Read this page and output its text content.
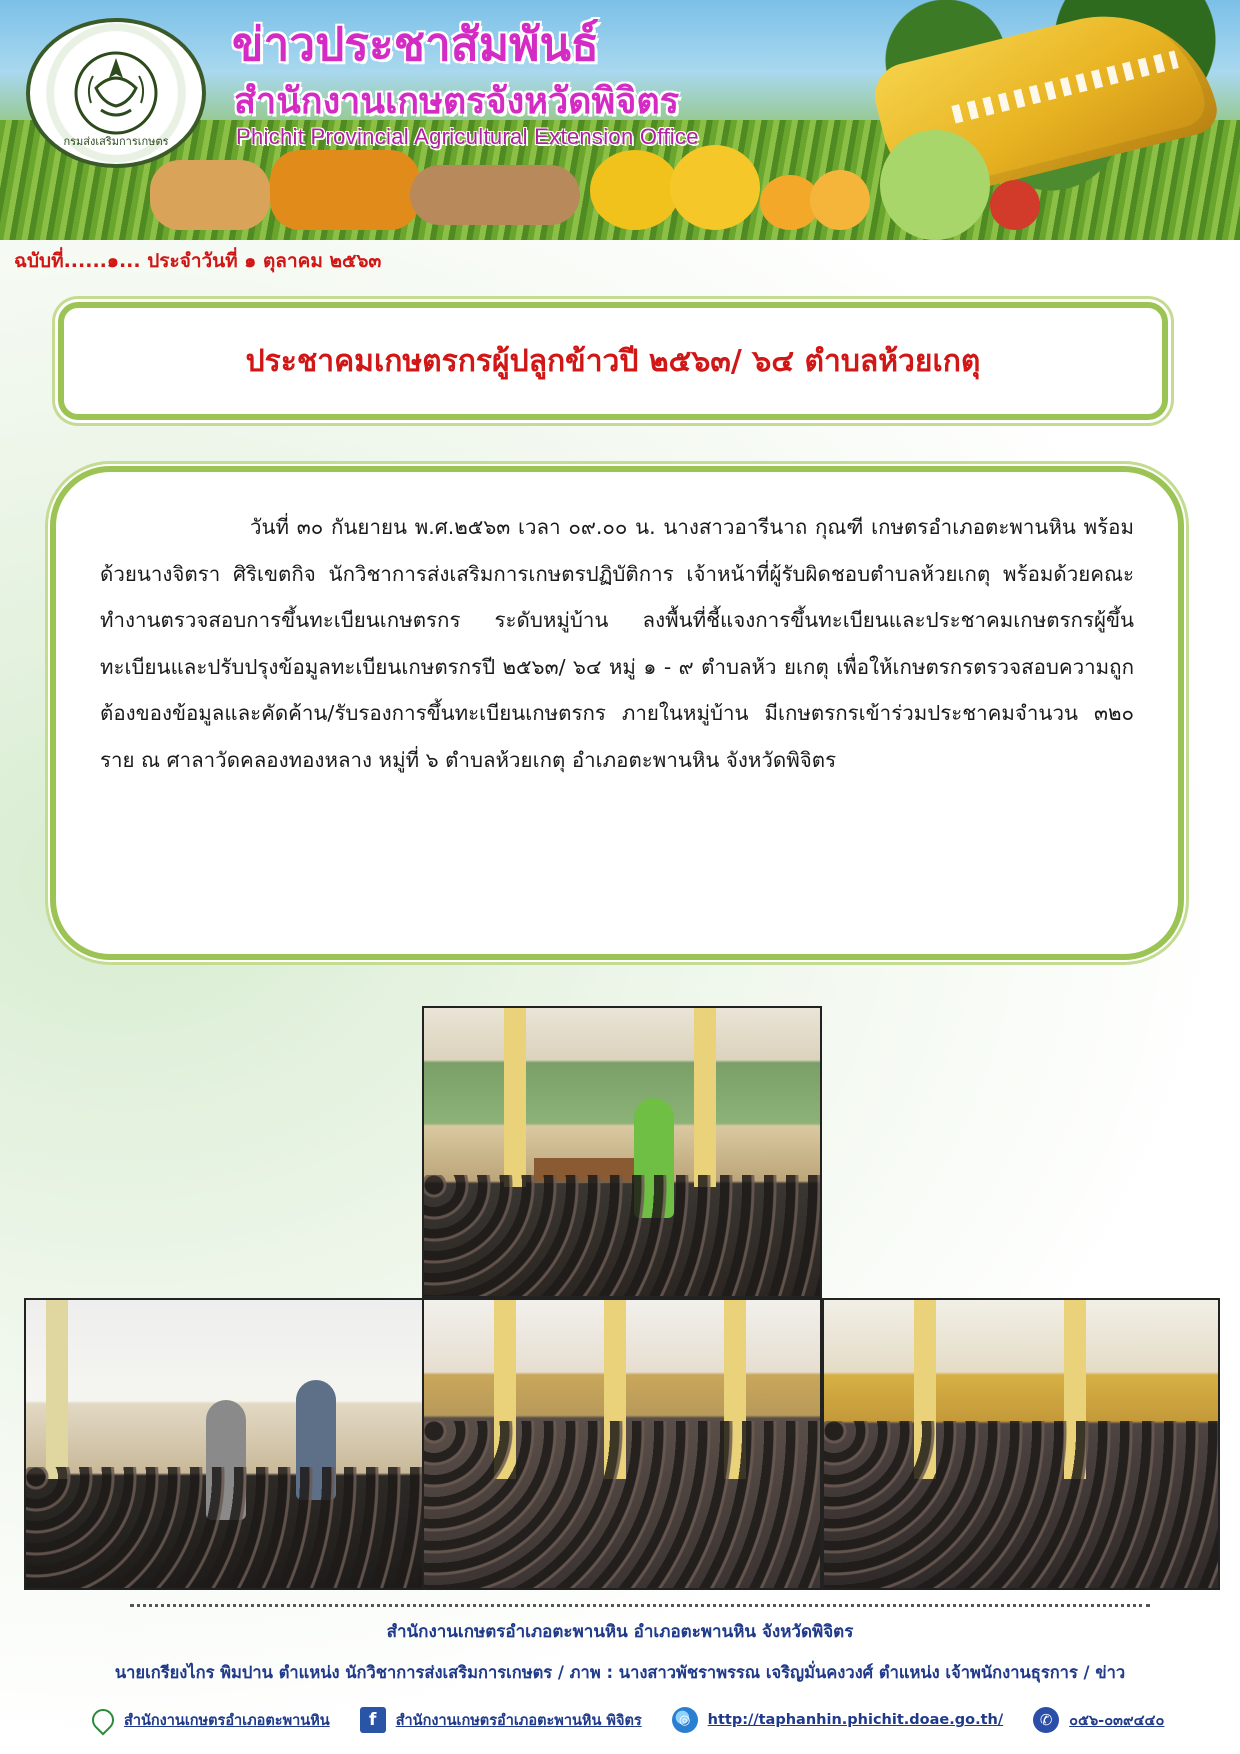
กรมส่งเสริมการเกษตร
ข่าวประชาสัมพันธ์
สำนักงานเกษตรจังหวัดพิจิตร
Phichit Provincial Agricultural Extension Office
ฉบับที่......๑... ประจำวันที่ ๑ ตุลาคม ๒๕๖๓
ประชาคมเกษตรกรผู้ปลูกข้าวปี ๒๕๖๓/ ๖๔ ตำบลห้วยเกตุ

วันที่ ๓๐ กันยายน พ.ศ.๒๕๖๓ เวลา ๐๙.๐๐ น. นางสาวอารีนาถ กุณฑี เกษตรอำเภอตะพานหิน พร้อมด้วยนางจิตรา ศิริเขตกิจ นักวิชาการส่งเสริมการเกษตรปฏิบัติการ เจ้าหน้าที่ผู้รับผิดชอบตำบลห้วยเกตุ พร้อมด้วยคณะทำงานตรวจสอบการขึ้นทะเบียนเกษตรกร ระดับหมู่บ้าน ลงพื้นที่ชี้แจงการขึ้นทะเบียนและประชาคมเกษตรกรผู้ขึ้นทะเบียนและปรับปรุงข้อมูลทะเบียนเกษตรกรปี ๒๕๖๓/ ๖๔ หมู่ ๑ - ๙ ตำบลห้ว ยเกตุ เพื่อให้เกษตรกรตรวจสอบความถูกต้องของข้อมูลและคัดค้าน/รับรองการขึ้นทะเบียนเกษตรกร ภายในหมู่บ้าน มีเกษตรกรเข้าร่วมประชาคมจำนวน ๓๒๐ ราย ณ ศาลาวัดคลองทองหลาง หมู่ที่ ๖ ตำบลห้วยเกตุ อำเภอตะพานหิน จังหวัดพิจิตร

สำนักงานเกษตรอำเภอตะพานหิน อำเภอตะพานหิน จังหวัดพิจิตร
นายเกรียงไกร พิมปาน ตำแหน่ง นักวิชาการส่งเสริมการเกษตร / ภาพ : นางสาวพัชราพรรณ เจริญมั่นคงวงศ์ ตำแหน่ง เจ้าพนักงานธุรการ / ข่าว
สำนักงานเกษตรอำเภอตะพานหิน	f	สำนักงานเกษตรอำเภอตะพานหิน พิจิตร	◎	http://taphanhin.phichit.doae.go.th/	✆	๐๕๖-๐๓๙๔๔๐
